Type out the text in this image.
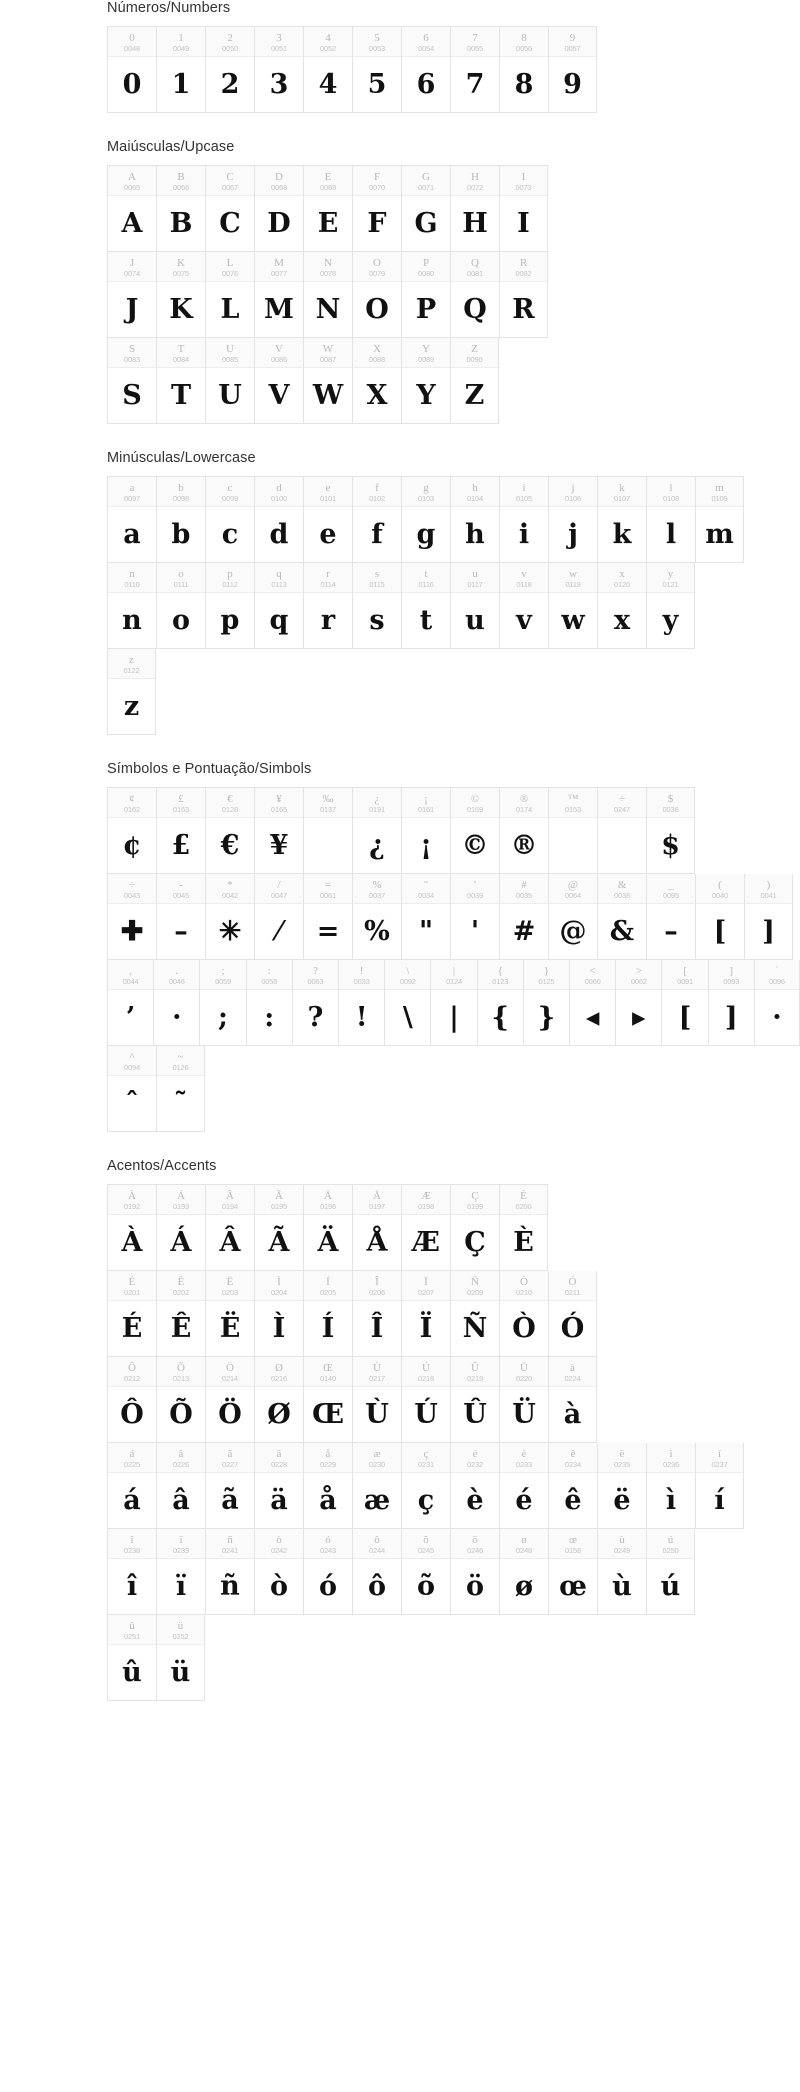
Números/Numbers
0
0048
0
1
0049
1
2
0050
2
3
0051
3
4
0052
4
5
0053
5
6
0054
6
7
0055
7
8
0056
8
9
0057
9
Maiúsculas/Upcase
A
0065
A
B
0066
B
C
0067
C
D
0068
D
E
0069
E
F
0070
F
G
0071
G
H
0072
H
I
0073
I
J
0074
J
K
0075
K
L
0076
L
M
0077
M
N
0078
N
O
0079
O
P
0080
P
Q
0081
Q
R
0082
R
S
0083
S
T
0084
T
U
0085
U
V
0086
V
W
0087
W
X
0088
X
Y
0089
Y
Z
0090
Z
Minúsculas/Lowercase
a
0097
a
b
0098
b
c
0099
c
d
0100
d
e
0101
e
f
0102
f
g
0103
g
h
0104
h
i
0105
i
j
0106
j
k
0107
k
l
0108
l
m
0109
m
n
0110
n
o
0111
o
p
0112
p
q
0113
q
r
0114
r
s
0115
s
t
0116
t
u
0117
u
v
0118
v
w
0119
w
x
0120
x
y
0121
y
z
0122
z
Símbolos e Pontuação/Simbols
¢
0162
¢
£
0163
£
€
0128
€
¥
0165
¥
‰
0137
¿
0191
¿
¡
0161
¡
©
0169
©
®
0174
®
™
0153
÷
0247
$
0036
$
÷
0043
✚
-
0045
–
*
0042
✳
/
0047
⁄
=
0061
=
%
0037
%
"
0034
"
'
0039
'
#
0035
#
@
0064
@
&
0038
&
_
0095
–
(
0040
[
)
0041
]
,
0044
’
.
0046
·
;
0059
;
:
0058
:
?
0063
?
!
0033
!
\
0092
\
|
0124
|
{
0123
{
}
0125
}
<
0060
◂
>
0062
▸
[
0091
[
]
0093
]
`
0096
·
^
0094
ˆ
~
0126
˜
Acentos/Accents
À
0192
À
Á
0193
Á
Â
0194
Â
Ã
0195
Ã
Ä
0196
Ä
Å
0197
Å
Æ
0198
Æ
Ç
0199
Ç
È
0200
È
É
0201
É
Ê
0202
Ê
Ë
0203
Ë
Ì
0204
Ì
Í
0205
Í
Î
0206
Î
Ï
0207
Ï
Ñ
0209
Ñ
Ò
0210
Ò
Ó
0211
Ó
Ô
0212
Ô
Õ
0213
Õ
Ö
0214
Ö
Ø
0216
Ø
Œ
0140
Œ
Ù
0217
Ù
Ú
0218
Ú
Û
0219
Û
Ü
0220
Ü
à
0224
à
á
0225
á
â
0226
â
ã
0227
ã
ä
0228
ä
å
0229
å
æ
0230
æ
ç
0231
ç
è
0232
è
é
0233
é
ê
0234
ê
ë
0235
ë
ì
0236
ì
í
0237
í
î
0238
î
ï
0239
ï
ñ
0241
ñ
ò
0242
ò
ó
0243
ó
ô
0244
ô
õ
0245
õ
ö
0246
ö
ø
0248
ø
œ
0156
œ
ù
0249
ù
ú
0250
ú
û
0251
û
ü
0252
ü
